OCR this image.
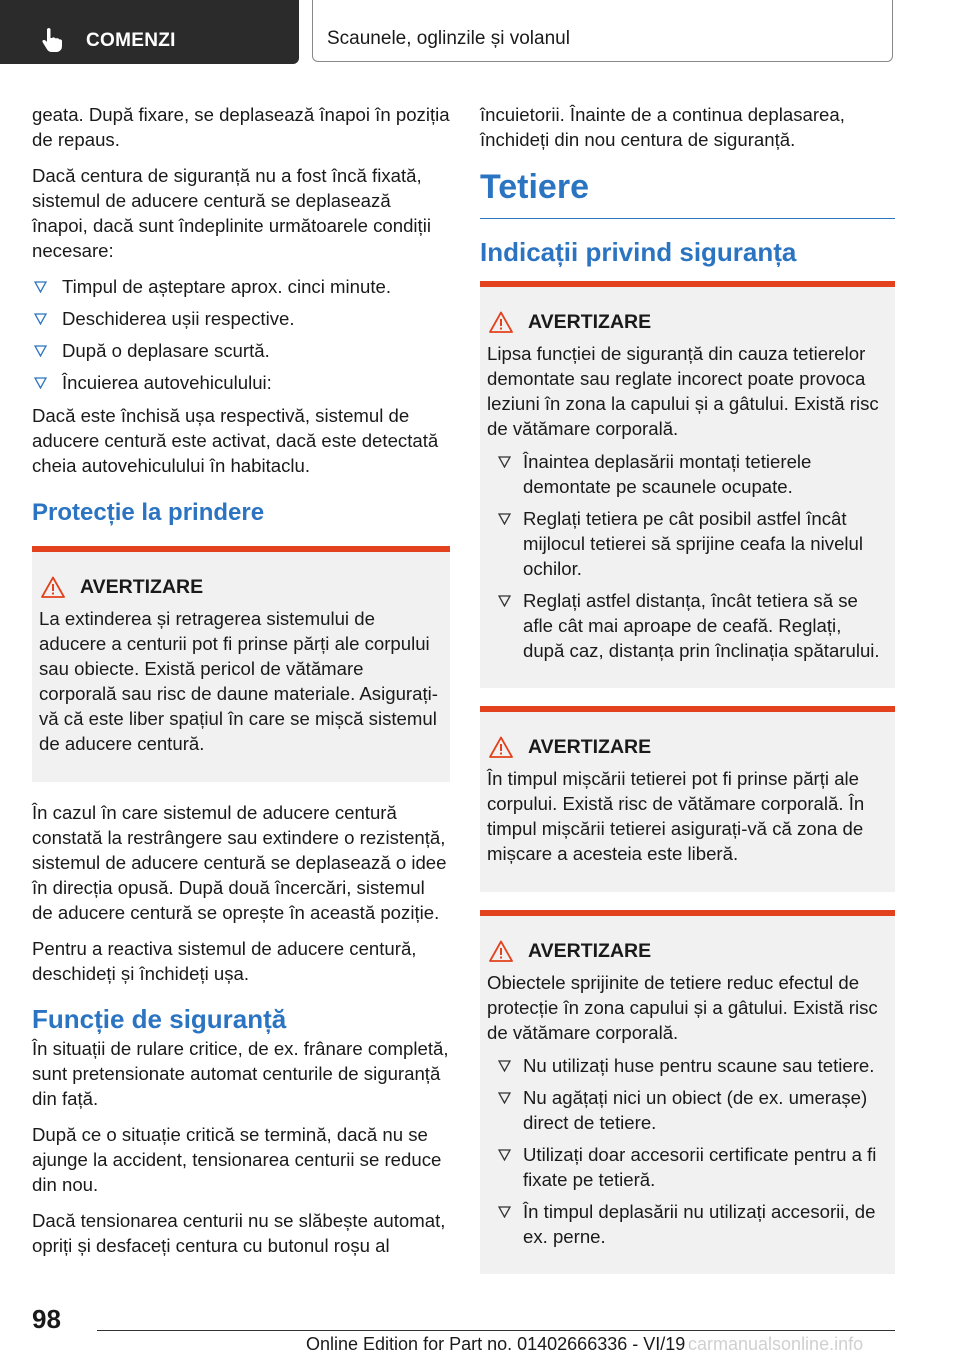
COMENZI	Scaunele, oglinzile și volanul

geata. După fixare, se deplasează înapoi în poziția de repaus.

Dacă centura de siguranță nu a fost încă fixată, sistemul de aducere centură se deplasează înapoi, dacă sunt îndeplinite următoarele condiții necesare:

Timpul de așteptare aprox. cinci minute.
Deschiderea ușii respective.
După o deplasare scurtă.
Încuierea autovehiculului:

Dacă este închisă ușa respectivă, sistemul de aducere centură este activat, dacă este detectată cheia autovehiculului în habitaclu.

Protecție la prindere
AVERTIZARE

La extinderea și retragerea sistemului de aducere a centurii pot fi prinse părți ale corpului sau obiecte. Există pericol de vătămare corporală sau risc de daune materiale. Asigurați-vă că este liber spațiul în care se mișcă sistemul de aducere centură.

În cazul în care sistemul de aducere centură constată la restrângere sau extindere o rezistență, sistemul de aducere centură se deplasează o idee în direcția opusă. După două încercări, sistemul de aducere centură se oprește în această poziție.

Pentru a reactiva sistemul de aducere centură, deschideți și închideți ușa.

Funcție de siguranță

În situații de rulare critice, de ex. frânare completă, sunt pretensionate automat centurile de siguranță din față.

După ce o situație critică se termină, dacă nu se ajunge la accident, tensionarea centurii se reduce din nou.

Dacă tensionarea centurii nu se slăbește automat, opriți și desfaceți centura cu butonul roșu al

încuietorii. Înainte de a continua deplasarea, închideți din nou centura de siguranță.

Tetiere
Indicații privind siguranța
AVERTIZARE

Lipsa funcției de siguranță din cauza tetierelor demontate sau reglate incorect poate provoca leziuni în zona la capului și a gâtului. Există risc de vătămare corporală.

Înaintea deplasării montați tetierele demontate pe scaunele ocupate.
Reglați tetiera pe cât posibil astfel încât mijlocul tetierei să sprijine ceafa la nivelul ochilor.
Reglați astfel distanța, încât tetiera să se afle cât mai aproape de ceafă. Reglați, după caz, distanța prin înclinația spătarului.
AVERTIZARE

În timpul mișcării tetierei pot fi prinse părți ale corpului. Există risc de vătămare corporală. În timpul mișcării tetierei asigurați-vă că zona de mișcare a acesteia este liberă.

AVERTIZARE

Obiectele sprijinite de tetiere reduc efectul de protecție în zona capului și a gâtului. Există risc de vătămare corporală.

Nu utilizați huse pentru scaune sau tetiere.
Nu agățați nici un obiect (de ex. umerașe) direct de tetiere.
Utilizați doar accesorii certificate pentru a fi fixate pe tetieră.
În timpul deplasării nu utilizați accesorii, de ex. perne.
98
Online Edition for Part no. 01402666336 - VI/19 carmanualsonline.info
